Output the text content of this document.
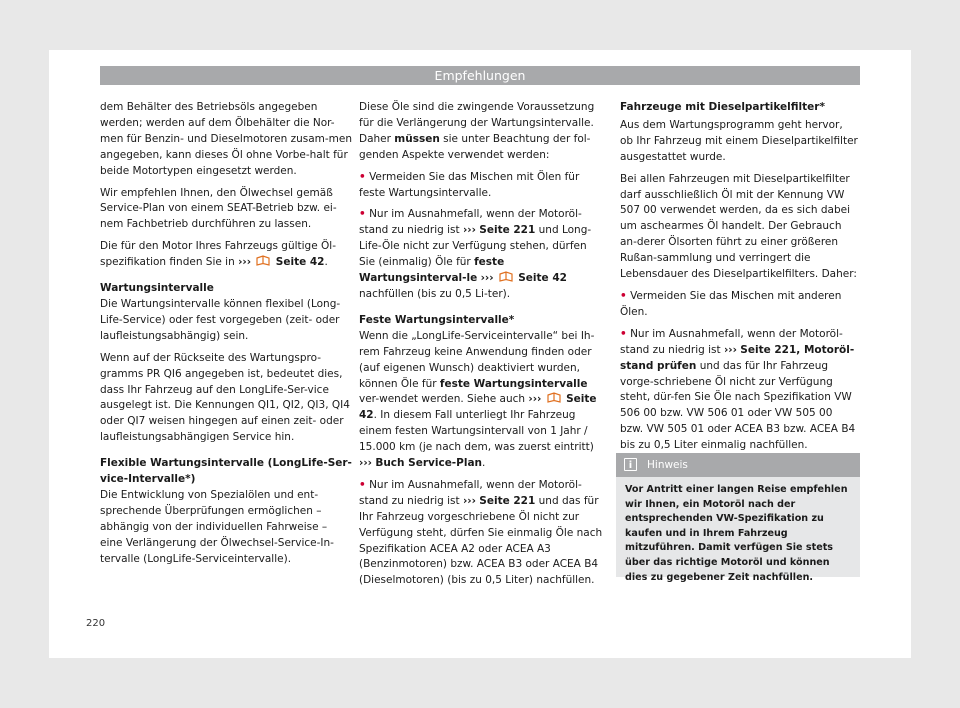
Empfehlungen

dem Behälter des Betriebsöls angegeben werden; werden auf dem Ölbehälter die Nor-men für Benzin- und Dieselmotoren zusam-men angegeben, kann dieses Öl ohne Vorbe-halt für beide Motortypen eingesetzt werden.

Wir empfehlen Ihnen, den Ölwechsel gemäß Service-Plan von einem SEAT-Betrieb bzw. ei-nem Fachbetrieb durchführen zu lassen.

Die für den Motor Ihres Fahrzeugs gültige Öl-spezifikation finden Sie in ››› Seite 42.

Wartungsintervalle

Die Wartungsintervalle können flexibel (Long-Life-Service) oder fest vorgegeben (zeit- oder laufleistungsabhängig) sein.

Wenn auf der Rückseite des Wartungspro-gramms PR QI6 angegeben ist, bedeutet dies, dass Ihr Fahrzeug auf den LongLife-Ser-vice ausgelegt ist. Die Kennungen QI1, QI2, QI3, QI4 oder QI7 weisen hingegen auf einen zeit- oder laufleistungsabhängigen Service hin.

Flexible Wartungsintervalle (LongLife-Ser-vice-Intervalle*)

Die Entwicklung von Spezialölen und ent-sprechende Überprüfungen ermöglichen – abhängig von der individuellen Fahrweise – eine Verlängerung der Ölwechsel-Service-In-tervalle (LongLife-Serviceintervalle).

Diese Öle sind die zwingende Voraussetzung für die Verlängerung der Wartungsintervalle. Daher müssen sie unter Beachtung der fol-genden Aspekte verwendet werden:

• Vermeiden Sie das Mischen mit Ölen für feste Wartungsintervalle.

• Nur im Ausnahmefall, wenn der Motoröl-stand zu niedrig ist ››› Seite 221 und Long-Life-Öle nicht zur Verfügung stehen, dürfen Sie (einmalig) Öle für feste Wartungsinterval-le ››› Seite 42 nachfüllen (bis zu 0,5 Li-ter).

Feste Wartungsintervalle*

Wenn die „LongLife-Serviceintervalle“ bei Ih-rem Fahrzeug keine Anwendung finden oder (auf eigenen Wunsch) deaktiviert wurden, können Öle für feste Wartungsintervalle ver-wendet werden. Siehe auch ››› Seite 42. In diesem Fall unterliegt Ihr Fahrzeug einem festen Wartungsintervall von 1 Jahr / 15.000 km (je nach dem, was zuerst eintritt) ››› Buch Service-Plan.

• Nur im Ausnahmefall, wenn der Motoröl-stand zu niedrig ist ››› Seite 221 und das für Ihr Fahrzeug vorgeschriebene Öl nicht zur Verfügung steht, dürfen Sie einmalig Öle nach Spezifikation ACEA A2 oder ACEA A3 (Benzinmotoren) bzw. ACEA B3 oder ACEA B4 (Dieselmotoren) (bis zu 0,5 Liter) nachfüllen.

Fahrzeuge mit Dieselpartikelfilter*

Aus dem Wartungsprogramm geht hervor, ob Ihr Fahrzeug mit einem Dieselpartikelfilter ausgestattet wurde.

Bei allen Fahrzeugen mit Dieselpartikelfilter darf ausschließlich Öl mit der Kennung VW 507 00 verwendet werden, da es sich dabei um aschearmes Öl handelt. Der Gebrauch an-derer Ölsorten führt zu einer größeren Rußan-sammlung und verringert die Lebensdauer des Dieselpartikelfilters. Daher:

• Vermeiden Sie das Mischen mit anderen Ölen.

• Nur im Ausnahmefall, wenn der Motoröl-stand zu niedrig ist ››› Seite 221, Motoröl-stand prüfen und das für Ihr Fahrzeug vorge-schriebene Öl nicht zur Verfügung steht, dür-fen Sie Öle nach Spezifikation VW 506 00 bzw. VW 506 01 oder VW 505 00 bzw. VW 505 01 oder ACEA B3 bzw. ACEA B4 bis zu 0,5 Liter einmalig nachfüllen.

i	Hinweis
Vor Antritt einer langen Reise empfehlen wir Ihnen, ein Motoröl nach der entsprechenden VW-Spezifikation zu kaufen und in Ihrem Fahrzeug mitzuführen. Damit verfügen Sie stets über das richtige Motoröl und können dies zu gegebener Zeit nachfüllen.
220
